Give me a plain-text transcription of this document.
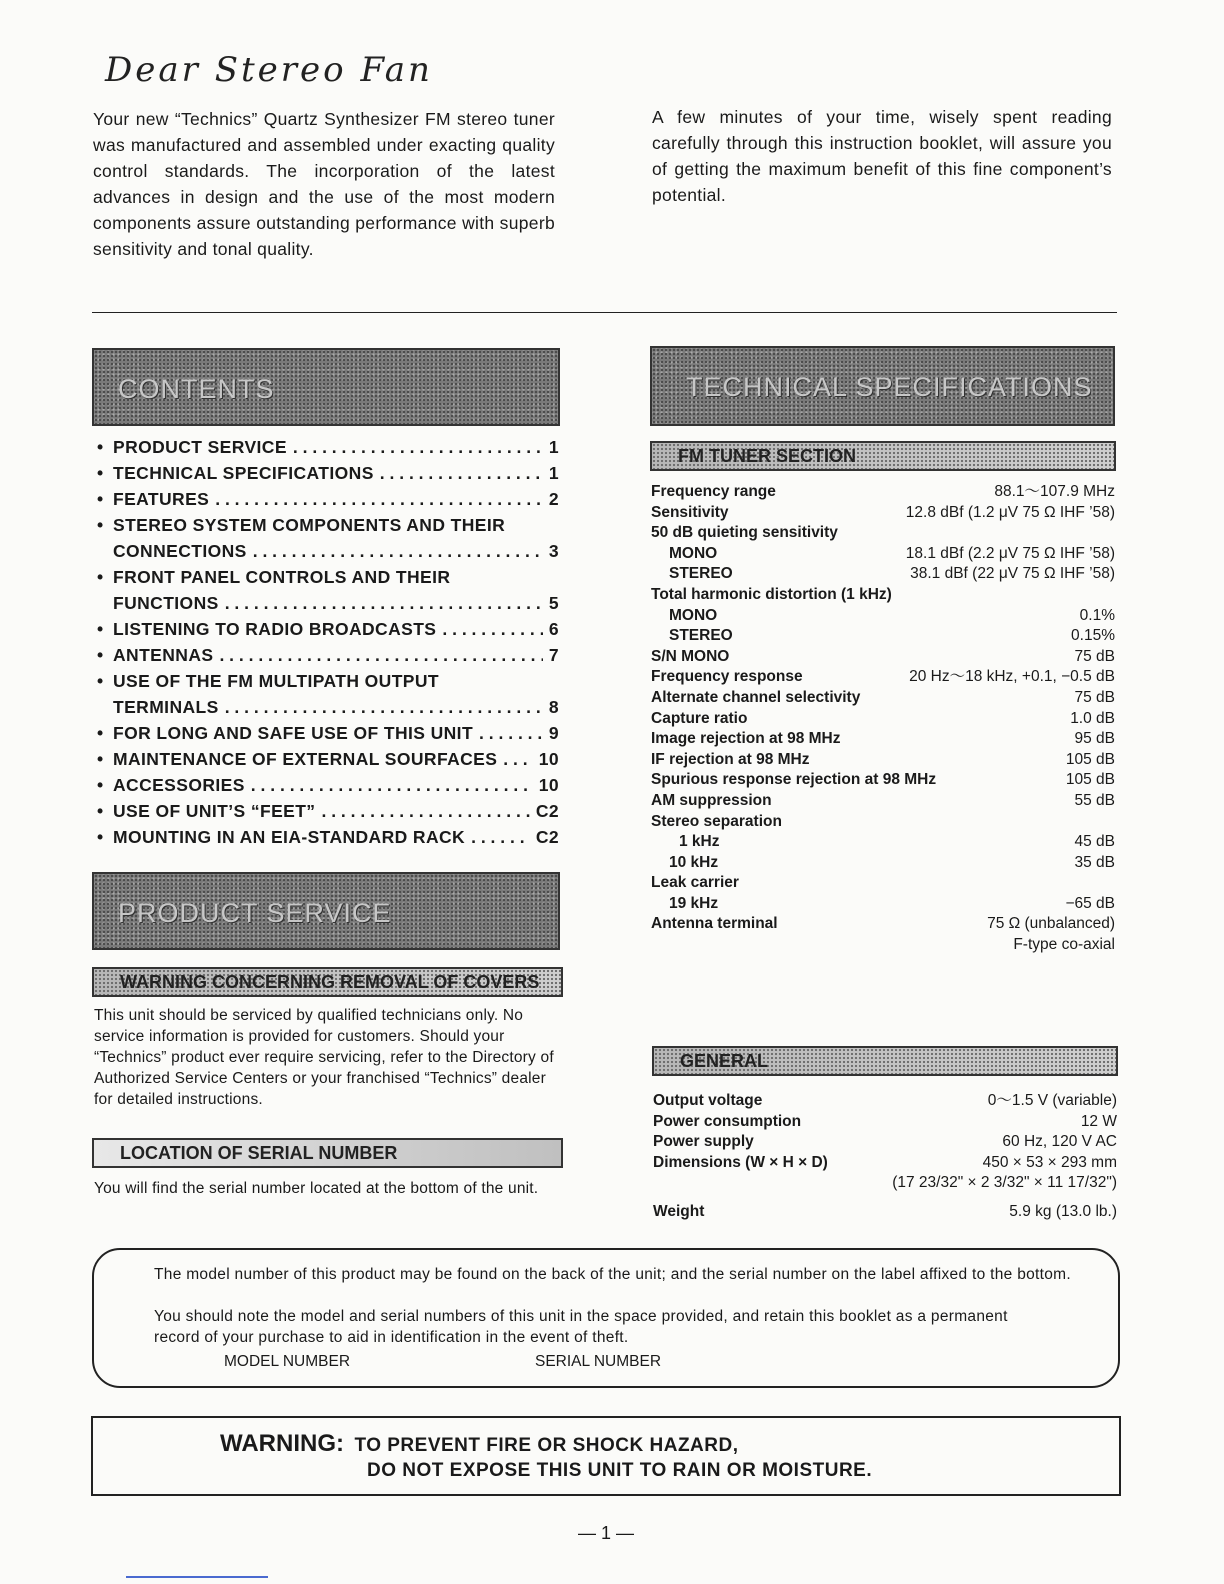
Dear Stereo Fan

Your new “Technics” Quartz Synthesizer FM stereo tuner was manufactured and assembled under exacting quality control standards. The incorporation of the latest advances in design and the use of the most modern components assure outstanding performance with superb sensitivity and tonal quality.

A few minutes of your time, wisely spent reading carefully through this instruction booklet, will assure you of getting the maximum benefit of this fine component’s potential.

CONTENTS
• PRODUCT SERVICE . . .	1
• TECHNICAL SPECIFICATIONS . . .	1
• FEATURES . . .	2
• STEREO SYSTEM COMPONENTS AND THEIR
CONNECTIONS . . .	3
• FRONT PANEL CONTROLS AND THEIR
FUNCTIONS . . .	5
• LISTENING TO RADIO BROADCASTS . . .	6
• ANTENNAS . . .	7
• USE OF THE FM MULTIPATH OUTPUT
TERMINALS . . .	8
• FOR LONG AND SAFE USE OF THIS UNIT . . .	9
• MAINTENANCE OF EXTERNAL SOURFACES . . . 10
• ACCESSORIES . . .	10
• USE OF UNIT’S “FEET” . . .	C2
• MOUNTING IN AN EIA-STANDARD RACK . . .	C2
PRODUCT SERVICE
WARNING CONCERNING REMOVAL OF COVERS

This unit should be serviced by qualified technicians only. No service information is provided for customers. Should your “Technics” product ever require servicing, refer to the Directory of Authorized Service Centers or your franchised “Technics” dealer for detailed instructions.

LOCATION OF SERIAL NUMBER

You will find the serial number located at the bottom of the unit.

TECHNICAL SPECIFICATIONS
FM TUNER SECTION
Frequency range	88.1～107.9 MHz
Sensitivity	12.8 dBf (1.2 μV 75 Ω IHF ’58)
50 dB quieting sensitivity
MONO	18.1 dBf (2.2 μV 75 Ω IHF ’58)
STEREO	38.1 dBf (22 μV 75 Ω IHF ’58)
Total harmonic distortion (1 kHz)
MONO	0.1%
STEREO	0.15%
S/N MONO	75 dB
Frequency response	20 Hz～18 kHz, +0.1, −0.5 dB
Alternate channel selectivity	75 dB
Capture ratio	1.0 dB
Image rejection at 98 MHz	95 dB
IF rejection at 98 MHz	105 dB
Spurious response rejection at 98 MHz	105 dB
AM suppression	55 dB
Stereo separation
1 kHz	45 dB
10 kHz	35 dB
Leak carrier
19 kHz	−65 dB
Antenna terminal	75 Ω (unbalanced)
F-type co-axial
GENERAL
Output voltage	0～1.5 V (variable)
Power consumption	12 W
Power supply	60 Hz, 120 V AC
Dimensions (W × H × D)	450 × 53 × 293 mm
(17 23/32" × 2 3/32" × 11 17/32")
Weight	5.9 kg (13.0 lb.)

The model number of this product may be found on the back of the unit; and the serial number on the label affixed to the bottom.

You should note the model and serial numbers of this unit in the space provided, and retain this booklet as a permanent record of your purchase to aid in identification in the event of theft.

MODEL NUMBER	SERIAL NUMBER
WARNING: TO PREVENT FIRE OR SHOCK HAZARD,
DO NOT EXPOSE THIS UNIT TO RAIN OR MOISTURE.
— 1 —
